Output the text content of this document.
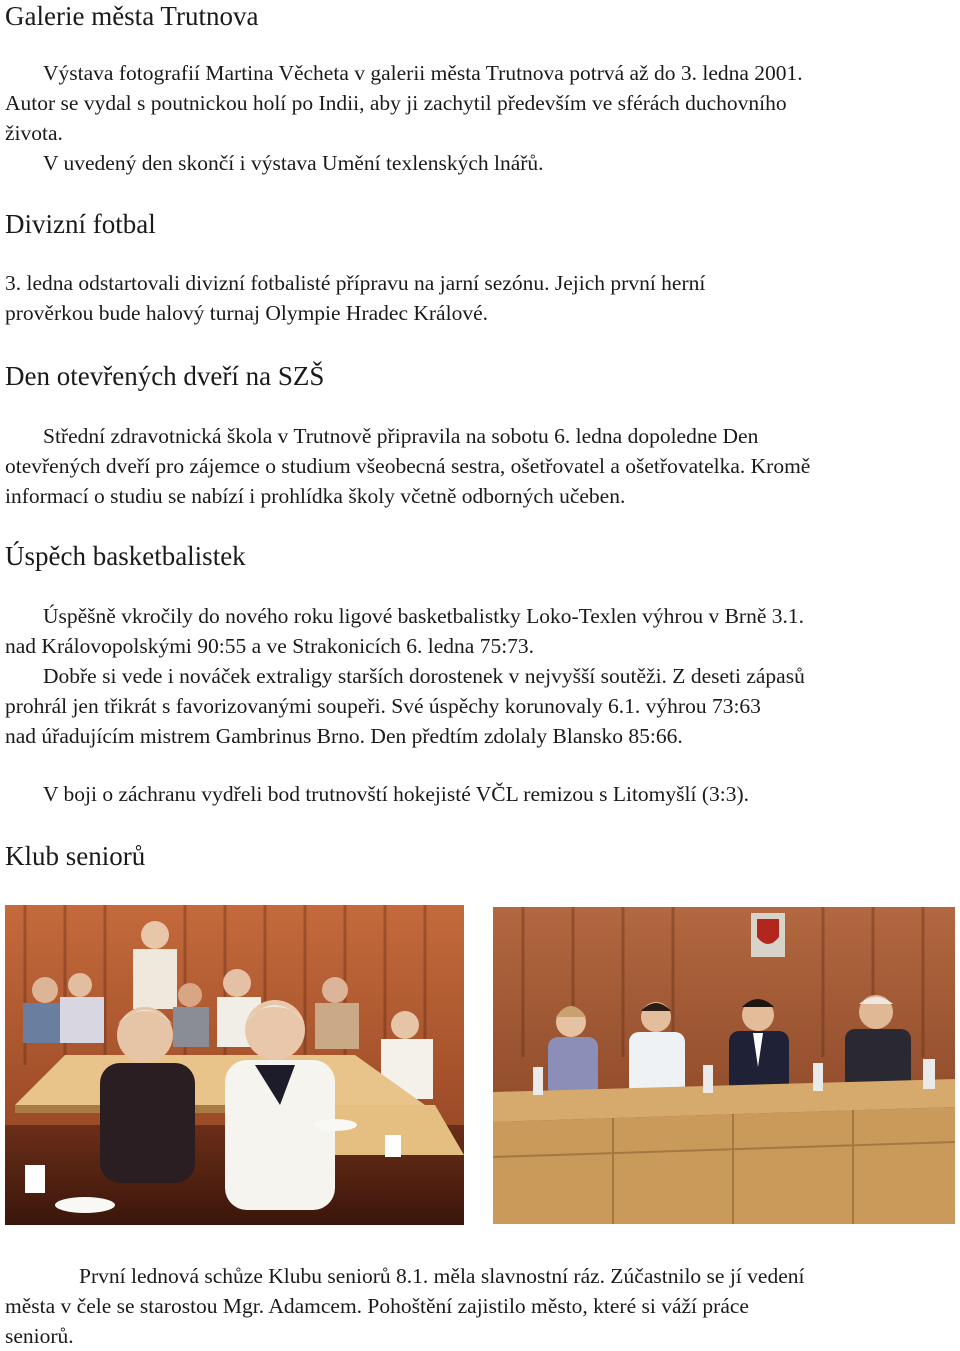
Galerie města Trutnova
Výstava fotografií Martina Věcheta v galerii města Trutnova potrvá až do 3. ledna 2001.
Autor se vydal s poutnickou holí po Indii, aby ji zachytil především ve sférách duchovního
života.
V uvedený den skončí i výstava Umění texlenských lnářů.
Divizní fotbal
3. ledna odstartovali divizní fotbalisté přípravu na jarní sezónu. Jejich první herní
prověrkou bude halový turnaj Olympie Hradec Králové.
Den otevřených dveří na SZŠ
Střední zdravotnická škola v Trutnově připravila na sobotu 6. ledna dopoledne Den
otevřených dveří pro zájemce o studium všeobecná sestra, ošetřovatel a ošetřovatelka. Kromě
informací o studiu se nabízí i prohlídka školy včetně odborných učeben.
Úspěch basketbalistek
Úspěšně vkročily do nového roku ligové basketbalistky Loko-Texlen výhrou v Brně 3.1.
nad Královopolskými 90:55 a ve Strakonicích 6. ledna 75:73.
Dobře si vede i nováček extraligy starších dorostenek v nejvyšší soutěži. Z deseti zápasů
prohrál jen třikrát s favorizovanými soupeři. Své úspěchy korunovaly 6.1. výhrou 73:63
nad úřadujícím mistrem Gambrinus Brno. Den předtím zdolaly Blansko 85:66.
V boji o záchranu vydřeli bod trutnovští hokejisté VČL remizou s Litomyšlí (3:3).
Klub seniorů
První lednová schůze Klubu seniorů 8.1. měla slavnostní ráz. Zúčastnilo se jí vedení
města v čele se starostou Mgr. Adamcem. Pohoštění zajistilo město, které si váží práce
seniorů.
